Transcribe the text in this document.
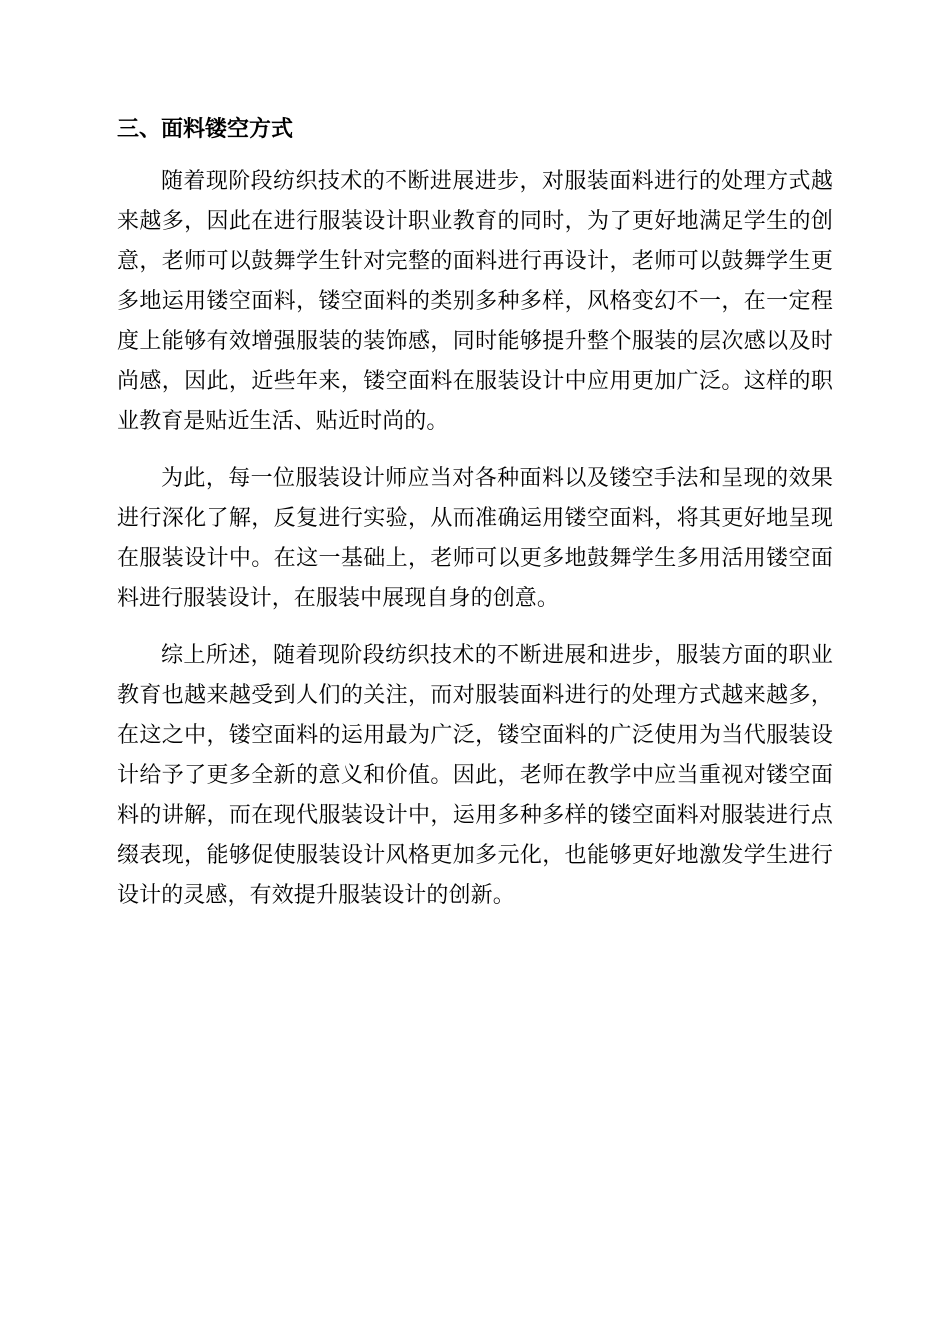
三、面料镂空方式

随着现阶段纺织技术的不断进展进步，对服装面料进行的处理方式越来越多，因此在进行服装设计职业教育的同时，为了更好地满足学生的创意，老师可以鼓舞学生针对完整的面料进行再设计，老师可以鼓舞学生更多地运用镂空面料，镂空面料的类别多种多样，风格变幻不一，在一定程度上能够有效增强服装的装饰感，同时能够提升整个服装的层次感以及时尚感，因此，近些年来，镂空面料在服装设计中应用更加广泛。这样的职业教育是贴近生活、贴近时尚的。

为此，每一位服装设计师应当对各种面料以及镂空手法和呈现的效果进行深化了解，反复进行实验，从而准确运用镂空面料，将其更好地呈现在服装设计中。在这一基础上，老师可以更多地鼓舞学生多用活用镂空面料进行服装设计，在服装中展现自身的创意。

综上所述，随着现阶段纺织技术的不断进展和进步，服装方面的职业教育也越来越受到人们的关注，而对服装面料进行的处理方式越来越多，在这之中，镂空面料的运用最为广泛，镂空面料的广泛使用为当代服装设计给予了更多全新的意义和价值。因此，老师在教学中应当重视对镂空面料的讲解，而在现代服装设计中，运用多种多样的镂空面料对服装进行点缀表现，能够促使服装设计风格更加多元化，也能够更好地激发学生进行设计的灵感，有效提升服装设计的创新。
